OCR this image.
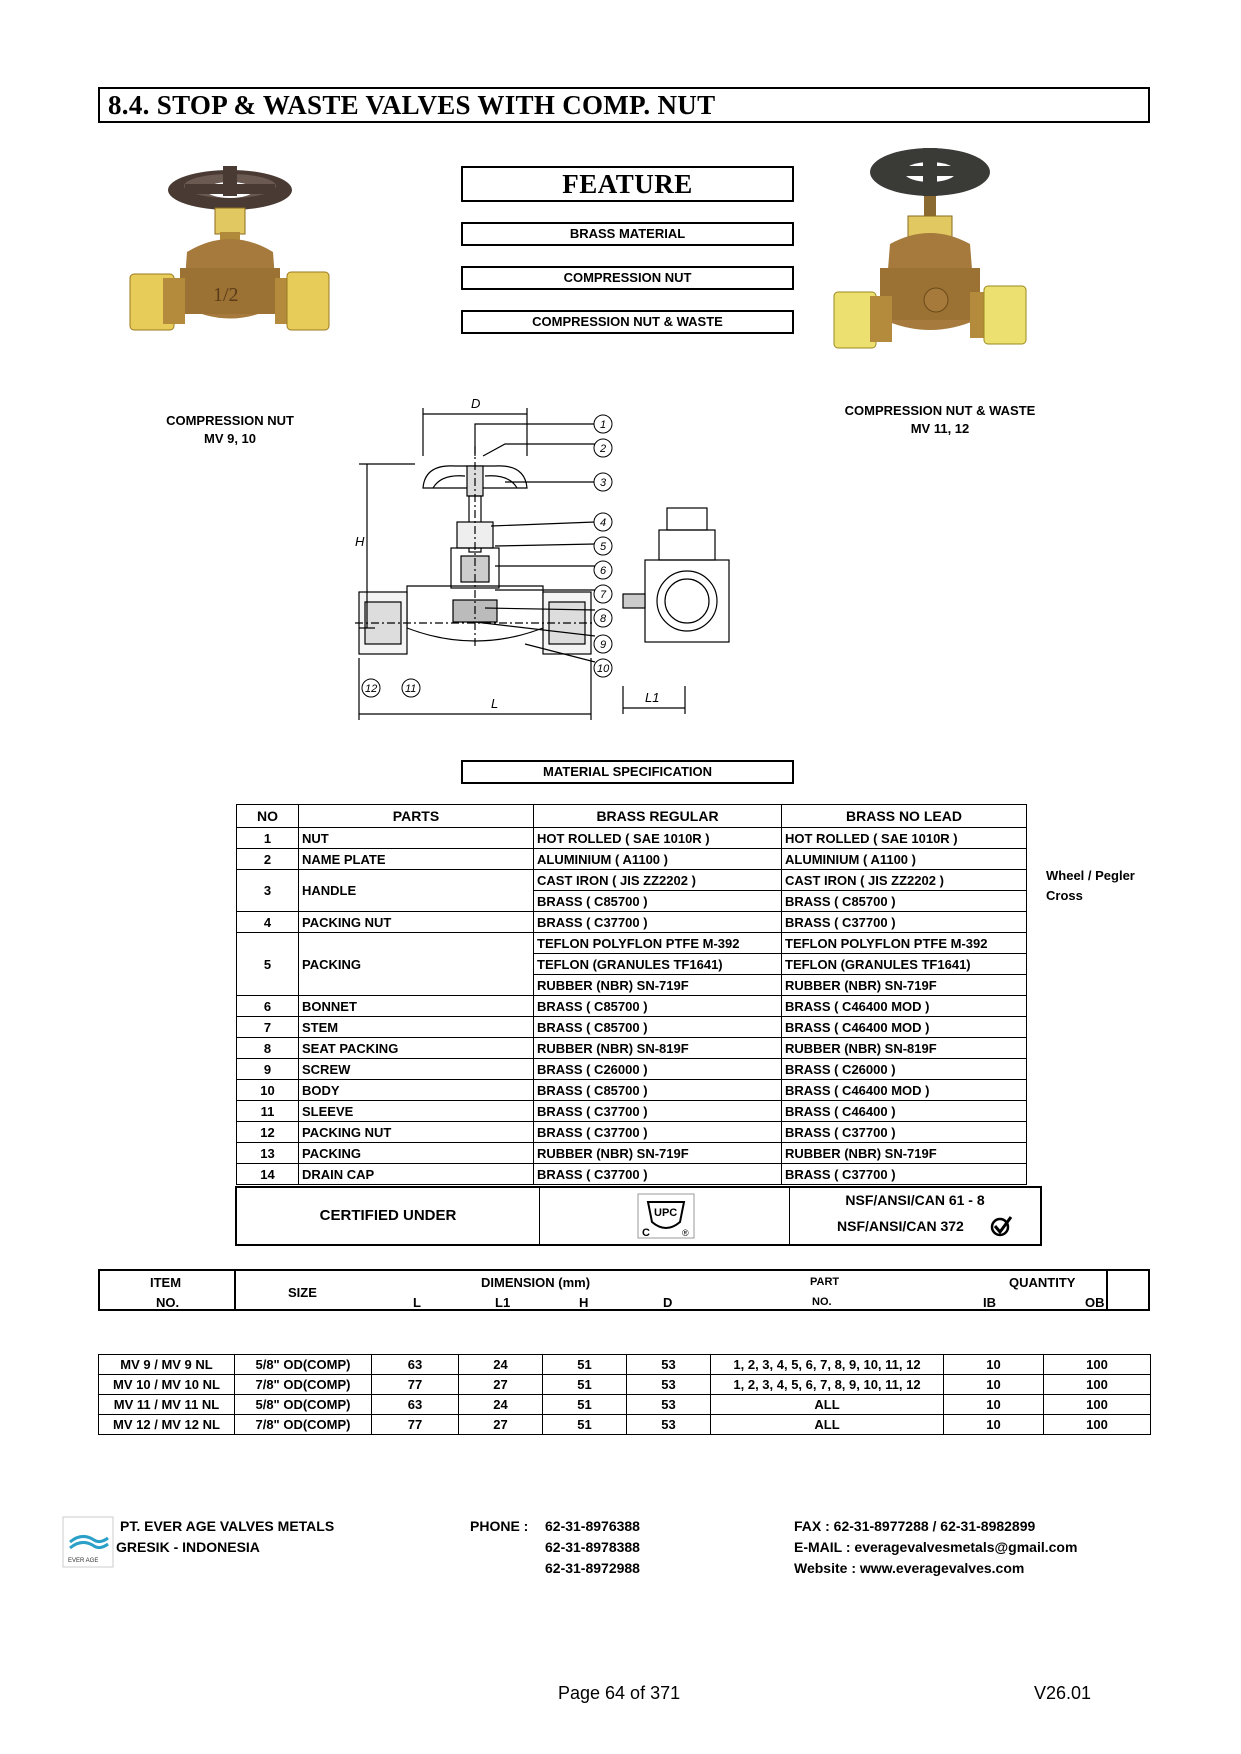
8.4. STOP & WASTE VALVES WITH COMP. NUT
1/2
FEATURE
BRASS MATERIAL
COMPRESSION NUT
COMPRESSION NUT & WASTE
COMPRESSION NUT
MV 9, 10
COMPRESSION NUT & WASTE
MV 11, 12
D
H
L	L1
1
2
3
4
5
6
7
8
9
10
11
12
MATERIAL SPECIFICATION
NO	PARTS	BRASS REGULAR	BRASS NO LEAD
1	NUT	HOT ROLLED ( SAE 1010R )	HOT ROLLED ( SAE 1010R )
2	NAME PLATE	ALUMINIUM ( A1100 )	ALUMINIUM ( A1100 )
3	HANDLE	CAST IRON ( JIS ZZ2202 )	CAST IRON ( JIS ZZ2202 )
		BRASS ( C85700 )	BRASS ( C85700 )
4	PACKING NUT	BRASS ( C37700 )	BRASS ( C37700 )
5	PACKING	TEFLON POLYFLON PTFE M-392	TEFLON POLYFLON PTFE M-392
		TEFLON (GRANULES TF1641)	TEFLON (GRANULES TF1641)
		RUBBER (NBR) SN-719F	RUBBER (NBR) SN-719F
6	BONNET	BRASS ( C85700 )	BRASS ( C46400 MOD )
7	STEM	BRASS ( C85700 )	BRASS ( C46400 MOD )
8	SEAT PACKING	RUBBER (NBR) SN-819F	RUBBER (NBR) SN-819F
9	SCREW	BRASS ( C26000 )	BRASS ( C26000 )
10	BODY	BRASS ( C85700 )	BRASS ( C46400 MOD )
11	SLEEVE	BRASS ( C37700 )	BRASS ( C46400 )
12	PACKING NUT	BRASS ( C37700 )	BRASS ( C37700 )
13	PACKING	RUBBER (NBR) SN-719F	RUBBER (NBR) SN-719F
14	DRAIN CAP	BRASS ( C37700 )	BRASS ( C37700 )
Wheel / Pegler
Cross
CERTIFIED UNDER	UPC
C	®
NSF/ANSI/CAN 61 - 8
NSF/ANSI/CAN 372
ITEM
NO.
SIZE
DIMENSION (mm)
L	L1	H	D
PART
NO.
QUANTITY
IB	OB
MV 9 / MV 9 NL	5/8" OD(COMP)	63	24	51	53	1, 2, 3, 4, 5, 6, 7, 8, 9, 10, 11, 12	10	100
MV 10 / MV 10 NL	7/8" OD(COMP)	77	27	51	53	1, 2, 3, 4, 5, 6, 7, 8, 9, 10, 11, 12	10	100
MV 11 / MV 11 NL	5/8" OD(COMP)	63	24	51	53	ALL	10	100
MV 12 / MV 12 NL	7/8" OD(COMP)	77	27	51	53	ALL	10	100
EVER AGE
PT. EVER AGE VALVES METALS
GRESIK - INDONESIA
PHONE : 62-31-8976388
62-31-8978388
62-31-8972988
FAX : 62-31-8977288 / 62-31-8982899
E-MAIL : everagevalvesmetals@gmail.com
Website : www.everagevalves.com
Page 64 of 371	V26.01
